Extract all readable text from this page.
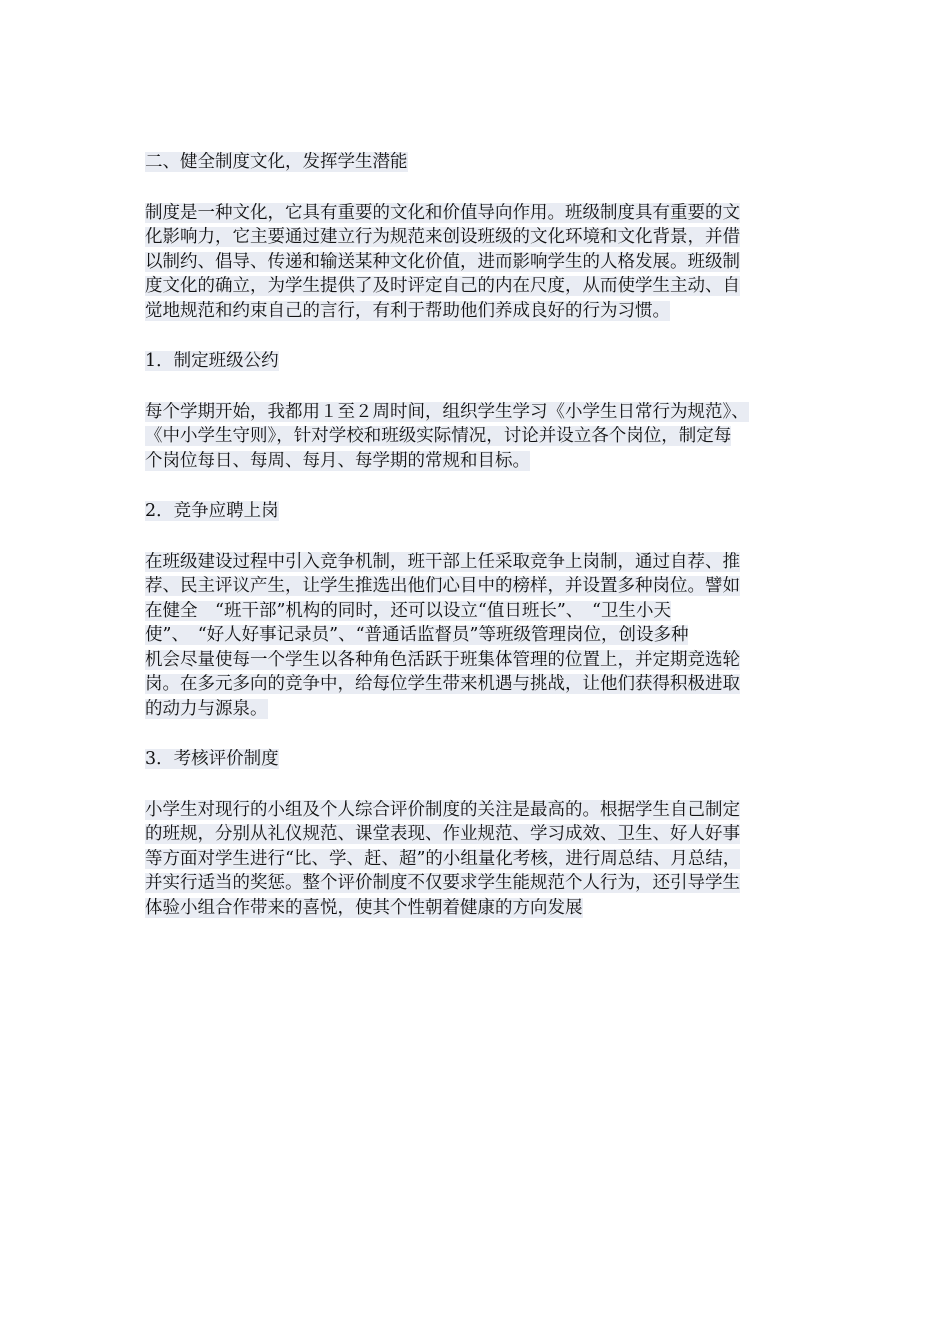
二、健全制度文化，发挥学生潜能
制度是一种文化，它具有重要的文化和价值导向作用。班级制度具有重要的文
化影响力，它主要通过建立行为规范来创设班级的文化环境和文化背景，并借
以制约、倡导、传递和输送某种文化价值，进而影响学生的人格发展。班级制
度文化的确立，为学生提供了及时评定自己的内在尺度，从而使学生主动、自
觉地规范和约束自己的言行，有利于帮助他们养成良好的行为习惯。
1．制定班级公约
每个学期开始，我都用１至２周时间，组织学生学习《小学生日常行为规范》、
《中小学生守则》，针对学校和班级实际情况，讨论并设立各个岗位，制定每
个岗位每日、每周、每月、每学期的常规和目标。
2．竞争应聘上岗
在班级建设过程中引入竞争机制，班干部上任采取竞争上岗制，通过自荐、推
荐、民主评议产生，让学生推选出他们心目中的榜样，并设置多种岗位。譬如
在健全　“班干部”机构的同时，还可以设立“值日班长”、　“卫生小天
使”、　“好人好事记录员”、“普通话监督员”等班级管理岗位，创设多种
机会尽量使每一个学生以各种角色活跃于班集体管理的位置上，并定期竞选轮
岗。在多元多向的竞争中，给每位学生带来机遇与挑战，让他们获得积极进取
的动力与源泉。
3．考核评价制度
小学生对现行的小组及个人综合评价制度的关注是最高的。根据学生自己制定
的班规，分别从礼仪规范、课堂表现、作业规范、学习成效、卫生、好人好事
等方面对学生进行“比、学、赶、超”的小组量化考核，进行周总结、月总结，
并实行适当的奖惩。整个评价制度不仅要求学生能规范个人行为，还引导学生
体验小组合作带来的喜悦，使其个性朝着健康的方向发展
